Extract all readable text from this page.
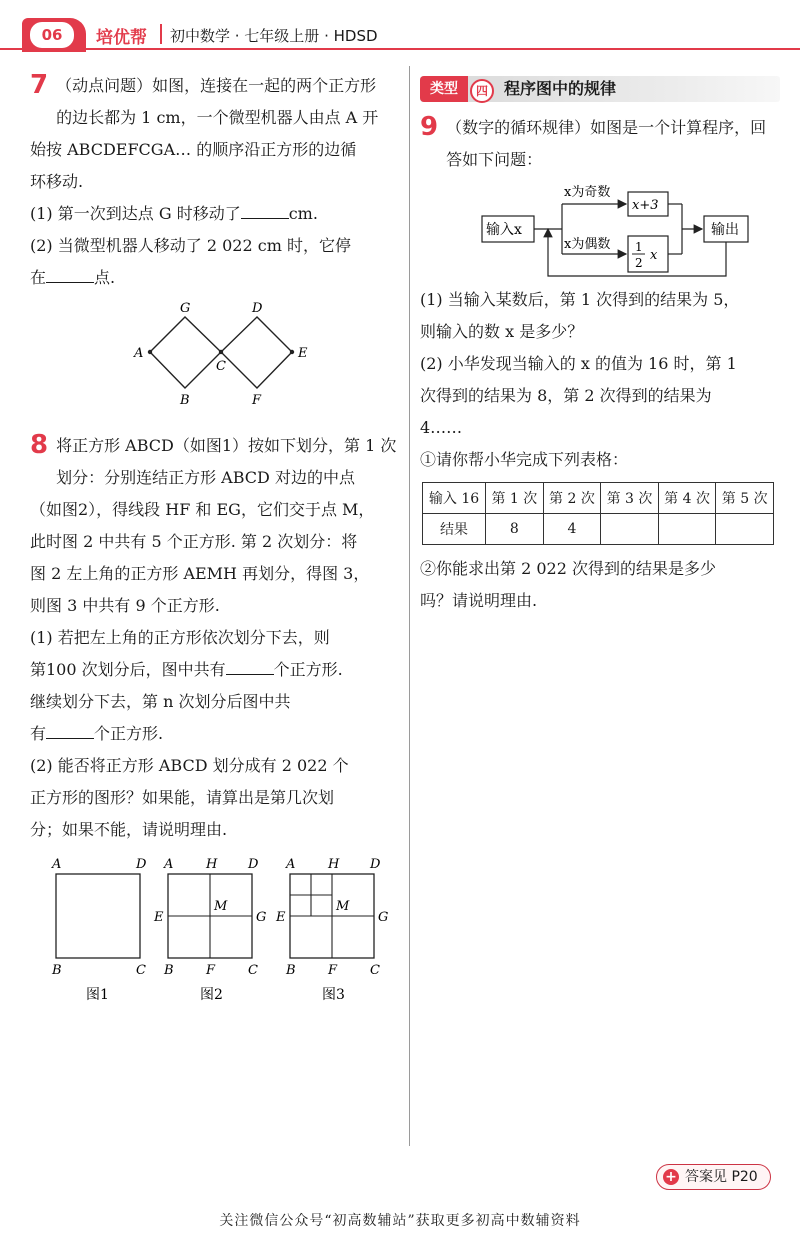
06	培优帮 初中数学 · 七年级上册 · HDSD
7 （动点问题）如图，连接在一起的两个正方形

的边长都为 1 cm，一个微型机器人由点 A 开

始按 ABCDEFCGA… 的顺序沿正方形的边循

环移动.

(1) 第一次到达点 G 时移动了	cm.

(2) 当微型机器人移动了 2 022 cm 时，它停

在	点.

G	D
A
C
E
B	F
8 将正方形 ABCD（如图1）按如下划分，第 1 次

划分：分别连结正方形 ABCD 对边的中点

（如图2），得线段 HF 和 EG，它们交于点 M，

此时图 2 中共有 5 个正方形. 第 2 次划分：将

图 2 左上角的正方形 AEMH 再划分，得图 3，

则图 3 中共有 9 个正方形.

(1) 若把左上角的正方形依次划分下去，则

第100 次划分后，图中共有	个正方形.

继续划分下去，第 n 次划分后图中共

有	个正方形.

(2) 能否将正方形 ABCD 划分成有 2 022 个

正方形的图形？如果能，请算出是第几次划

分；如果不能，请说明理由.

A	D
B	C
图1
A	H D
E
M
G
B F	C
图2
A	H D
E
M
G
B F	C
图3
类型	四	程序图中的规律
9 （数字的循环规律）如图是一个计算程序，回

答如下问题：

输入x
x为奇数
x为偶数
x+3
1
2 x
输出

(1) 当输入某数后，第 1 次得到的结果为 5，

则输入的数 x 是多少？

(2) 小华发现当输入的 x 的值为 16 时，第 1

次得到的结果为 8，第 2 次得到的结果为

4……

①请你帮小华完成下列表格：

输入 16	第 1 次	第 2 次	第 3 次	第 4 次	第 5 次
结果	8	4			

②你能求出第 2 022 次得到的结果是多少

吗？请说明理由.

+ 答案见 P20
关注微信公众号“初高数辅站”获取更多初高中数辅资料
